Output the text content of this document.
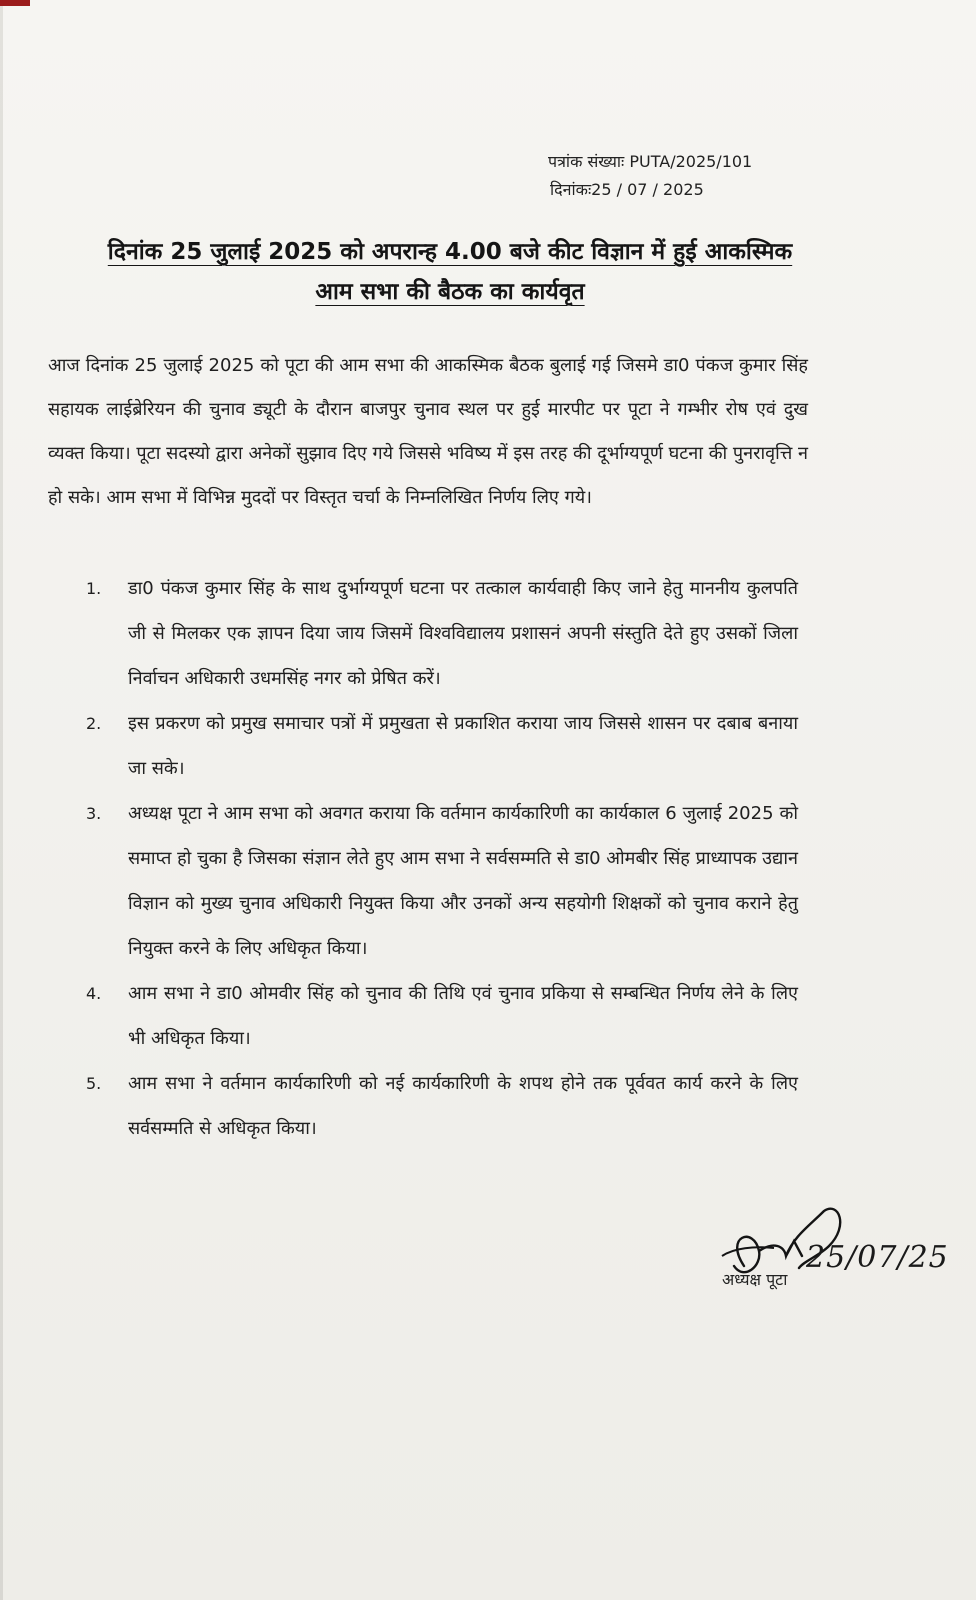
पत्रांक संख्याः PUTA/2025/101
दिनांकः25 / 07 / 2025
दिनांक 25 जुलाई 2025 को अपरान्ह 4.00 बजे कीट विज्ञान में हुई आकस्मिक
आम सभा की बैठक का कार्यवृत
आज दिनांक 25 जुलाई 2025 को पूटा की आम सभा की आकस्मिक बैठक बुलाई गई जिसमे डा0 पंकज कुमार सिंह सहायक लाईब्रेरियन की चुनाव ड्यूटी के दौरान बाजपुर चुनाव स्थल पर हुई मारपीट पर पूटा ने गम्भीर रोष एवं दुख व्यक्त किया। पूटा सदस्यो द्वारा अनेकों सुझाव दिए गये जिससे भविष्य में इस तरह की दूर्भाग्यपूर्ण घटना की पुनरावृत्ति न हो सके। आम सभा में विभिन्न मुददों पर विस्तृत चर्चा के निम्नलिखित निर्णय लिए गये।
1.	डा0 पंकज कुमार सिंह के साथ दुर्भाग्यपूर्ण घटना पर तत्काल कार्यवाही किए जाने हेतु माननीय कुलपति जी से मिलकर एक ज्ञापन दिया जाय जिसमें विश्वविद्यालय प्रशासनं अपनी संस्तुति देते हुए उसकों जिला निर्वाचन अधिकारी उधमसिंह नगर को प्रेषित करें।
2.	इस प्रकरण को प्रमुख समाचार पत्रों में प्रमुखता से प्रकाशित कराया जाय जिससे शासन पर दबाब बनाया जा सके।
3.	अध्यक्ष पूटा ने आम सभा को अवगत कराया कि वर्तमान कार्यकारिणी का कार्यकाल 6 जुलाई 2025 को समाप्त हो चुका है जिसका संज्ञान लेते हुए आम सभा ने सर्वसम्मति से डा0 ओमबीर सिंह प्राध्यापक उद्यान विज्ञान को मुख्य चुनाव अधिकारी नियुक्त किया और उनकों अन्य सहयोगी शिक्षकों को चुनाव कराने हेतु नियुक्त करने के लिए अधिकृत किया।
4.	आम सभा ने डा0 ओमवीर सिंह को चुनाव की तिथि एवं चुनाव प्रकिया से सम्बन्धित निर्णय लेने के लिए भी अधिकृत किया।
5.	आम सभा ने वर्तमान कार्यकारिणी को नई कार्यकारिणी के शपथ होने तक पूर्ववत कार्य करने के लिए सर्वसम्मति से अधिकृत किया।
25/07/25
अध्यक्ष पूटा
